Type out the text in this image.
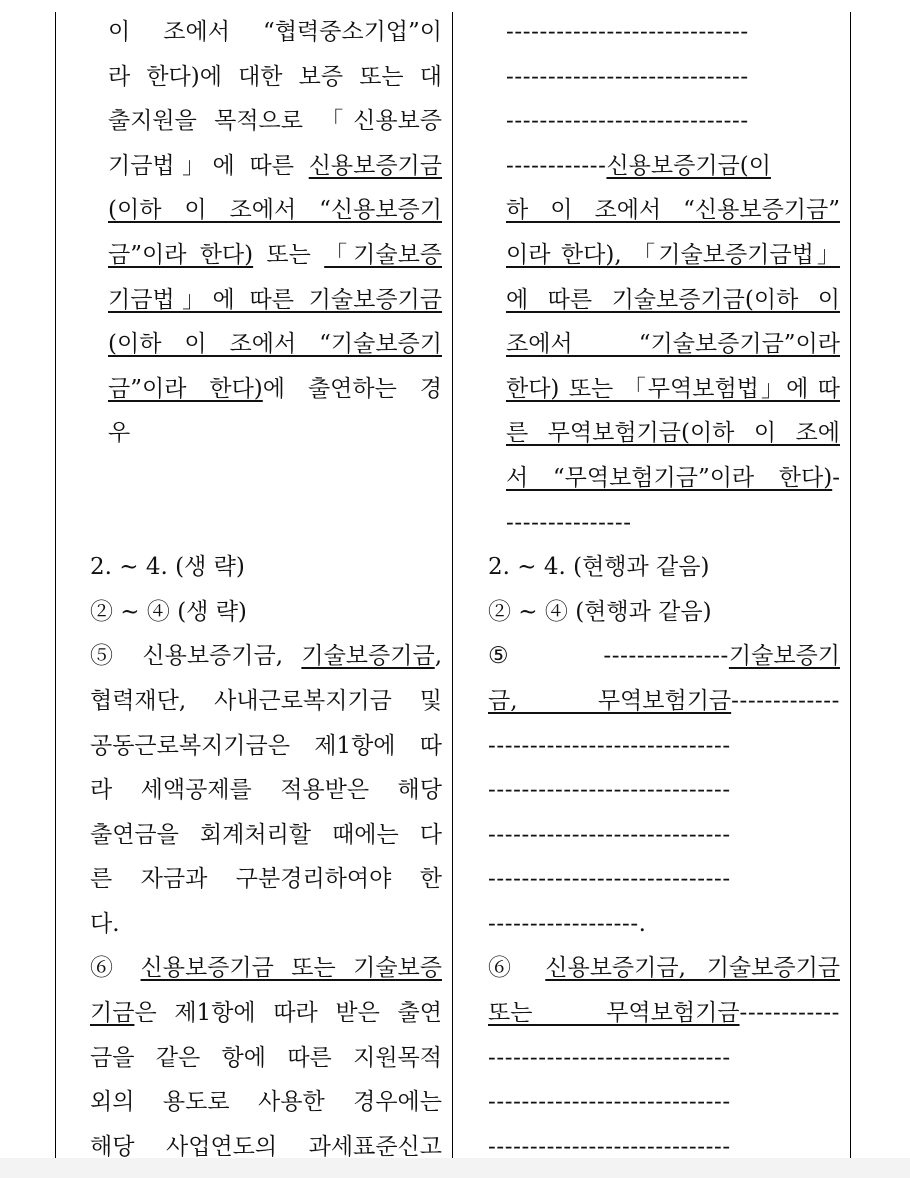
이 조에서 “협력중소기업”이
라 한다)에 대한 보증 또는 대
출지원을 목적으로 「신용보증
기금법」에 따른 신용보증기금
(이하 이 조에서 “신용보증기
금”이라 한다) 또는 「기술보증
기금법」에 따른 기술보증기금
(이하 이 조에서 “기술보증기
금”이라 한다)에 출연하는 경
우
2. ∼ 4. (생 략)
② ∼ ④ (생 략)
⑤ 신용보증기금, 기술보증기금,
협력재단, 사내근로복지기금 및
공동근로복지기금은 제1항에 따
라 세액공제를 적용받은 해당
출연금을 회계처리할 때에는 다
른 자금과 구분경리하여야 한
다.
⑥ 신용보증기금 또는 기술보증
기금은 제1항에 따라 받은 출연
금을 같은 항에 따른 지원목적
외의 용도로 사용한 경우에는
해당 사업연도의 과세표준신고
-----------------------------
-----------------------------
-----------------------------
------------신용보증기금(이
하 이 조에서 “신용보증기금”
이라 한다), 「기술보증기금법」
에 따른 기술보증기금(이하 이
조에서 “기술보증기금”이라
한다) 또는 「무역보험법」에 따
른 무역보험기금(이하 이 조에
서 “무역보험기금”이라 한다)-
---------------
2. ∼ 4. (현행과 같음)
② ∼ ④ (현행과 같음)
⑤ ---------------기술보증기
금, 무역보험기금-------------
-----------------------------
-----------------------------
-----------------------------
-----------------------------
------------------.
⑥ 신용보증기금, 기술보증기금
또는 무역보험기금------------
-----------------------------
-----------------------------
-----------------------------
